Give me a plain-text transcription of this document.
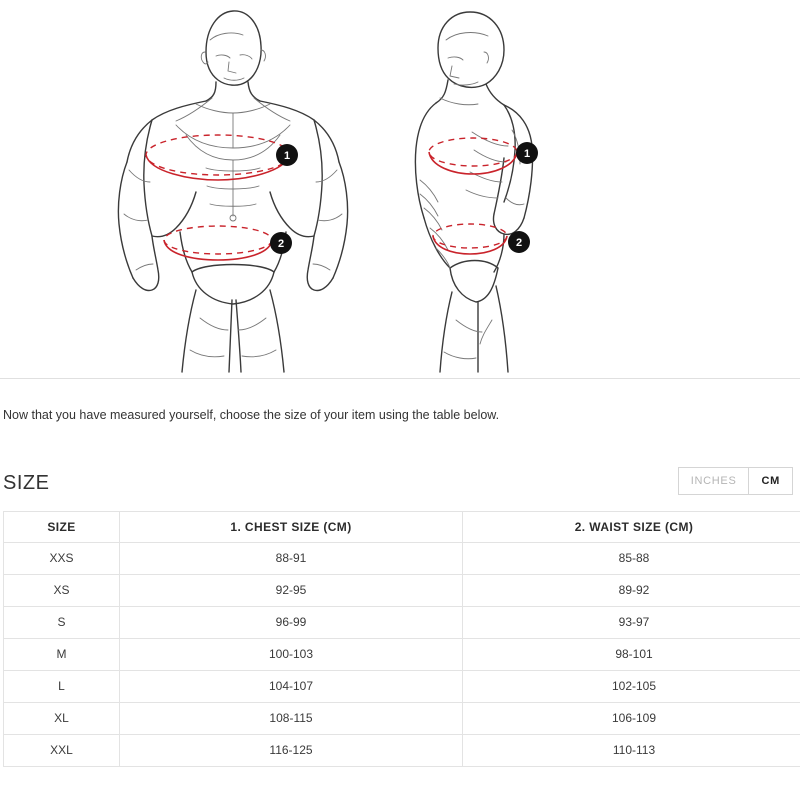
1
2
1
2

Now that you have measured yourself, choose the size of your item using the table below.

SIZE	INCHES	CM
SIZE	1. CHEST SIZE (CM)	2. WAIST SIZE (CM)
XXS	88-91	85-88
XS	92-95	89-92
S	96-99	93-97
M	100-103	98-101
L	104-107	102-105
XL	108-115	106-109
XXL	116-125	110-113
